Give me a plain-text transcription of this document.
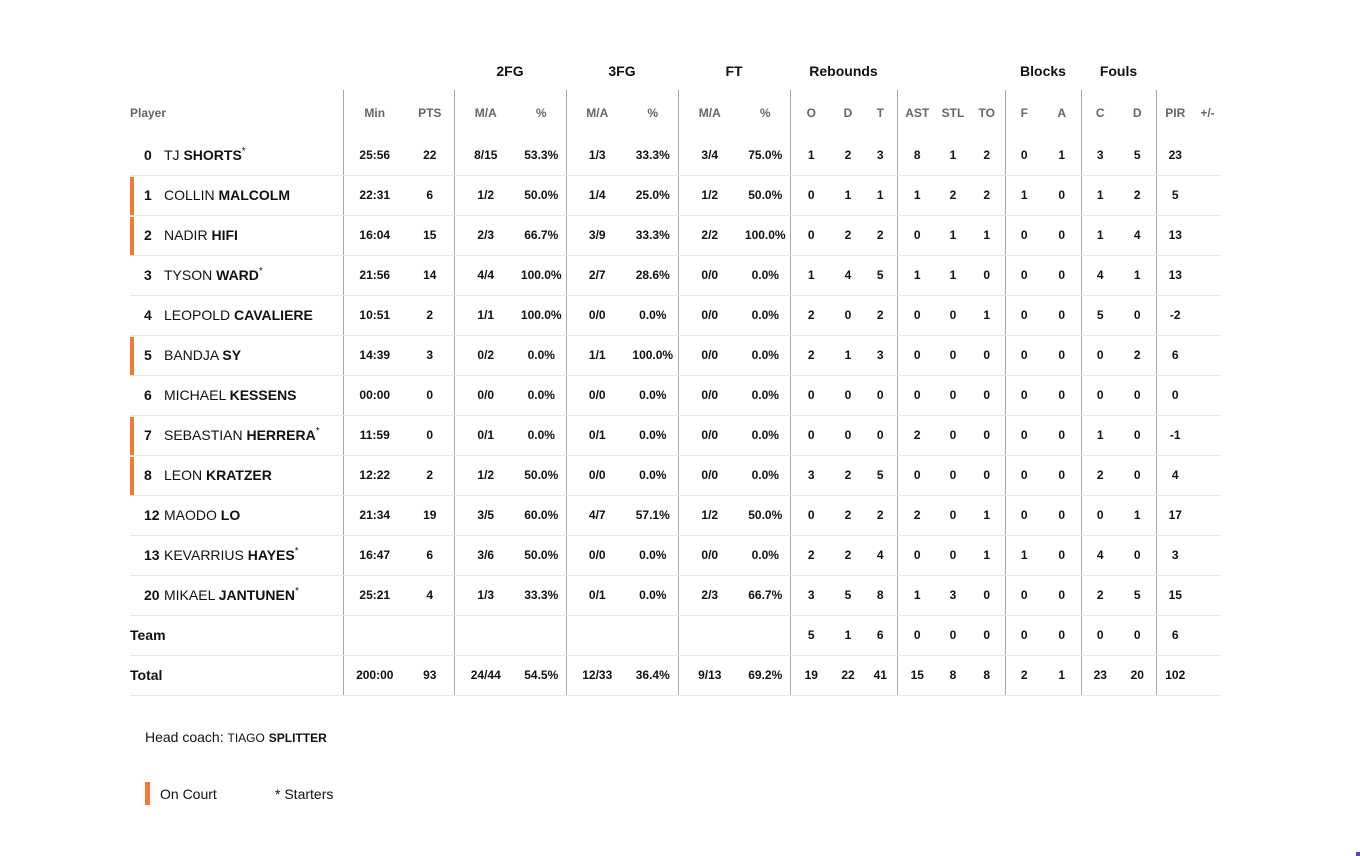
			2FG		3FG		FT		Rebounds						Blocks		Fouls			
Player	Min	PTS	M/A	%	M/A	%	M/A	%	O	D	T	AST	STL	TO	F	A	C	D	PIR	+/-
0 TJ SHORTS*	25:56	22	8/15	53.3%	1/3	33.3%	3/4	75.0%	1	2	3	8	1	2	0	1	3	5	23	

1 COLLIN MALCOLM	22:31	6	1/2	50.0%	1/4	25.0%	1/2	50.0%	0	1	1	1	2	2	1	0	1	2	5	

2 NADIR HIFI	16:04	15	2/3	66.7%	3/9	33.3%	2/2	100.0%	0	2	2	0	1	1	0	0	1	4	13	
3 TYSON WARD*	21:56	14	4/4	100.0%	2/7	28.6%	0/0	0.0%	1	4	5	1	1	0	0	0	4	1	13	
4 LEOPOLD CAVALIERE	10:51	2	1/1	100.0%	0/0	0.0%	0/0	0.0%	2	0	2	0	0	1	0	0	5	0	-2	

5 BANDJA SY	14:39	3	0/2	0.0%	1/1	100.0%	0/0	0.0%	2	1	3	0	0	0	0	0	0	2	6	
6 MICHAEL KESSENS	00:00	0	0/0	0.0%	0/0	0.0%	0/0	0.0%	0	0	0	0	0	0	0	0	0	0	0	

7 SEBASTIAN HERRERA*	11:59	0	0/1	0.0%	0/1	0.0%	0/0	0.0%	0	0	0	2	0	0	0	0	1	0	-1	

8 LEON KRATZER	12:22	2	1/2	50.0%	0/0	0.0%	0/0	0.0%	3	2	5	0	0	0	0	0	2	0	4	
12 MAODO LO	21:34	19	3/5	60.0%	4/7	57.1%	1/2	50.0%	0	2	2	2	0	1	0	0	0	1	17	
13 KEVARRIUS HAYES*	16:47	6	3/6	50.0%	0/0	0.0%	0/0	0.0%	2	2	4	0	0	1	1	0	4	0	3	
20 MIKAEL JANTUNEN*	25:21	4	1/3	33.3%	0/1	0.0%	2/3	66.7%	3	5	8	1	3	0	0	0	2	5	15	
Team									5	1	6	0	0	0	0	0	0	0	6	
Total	200:00	93	24/44	54.5%	12/33	36.4%	9/13	69.2%	19	22	41	15	8	8	2	1	23	20	102	
Head coach: TIAGO SPLITTER
On Court	* Starters
